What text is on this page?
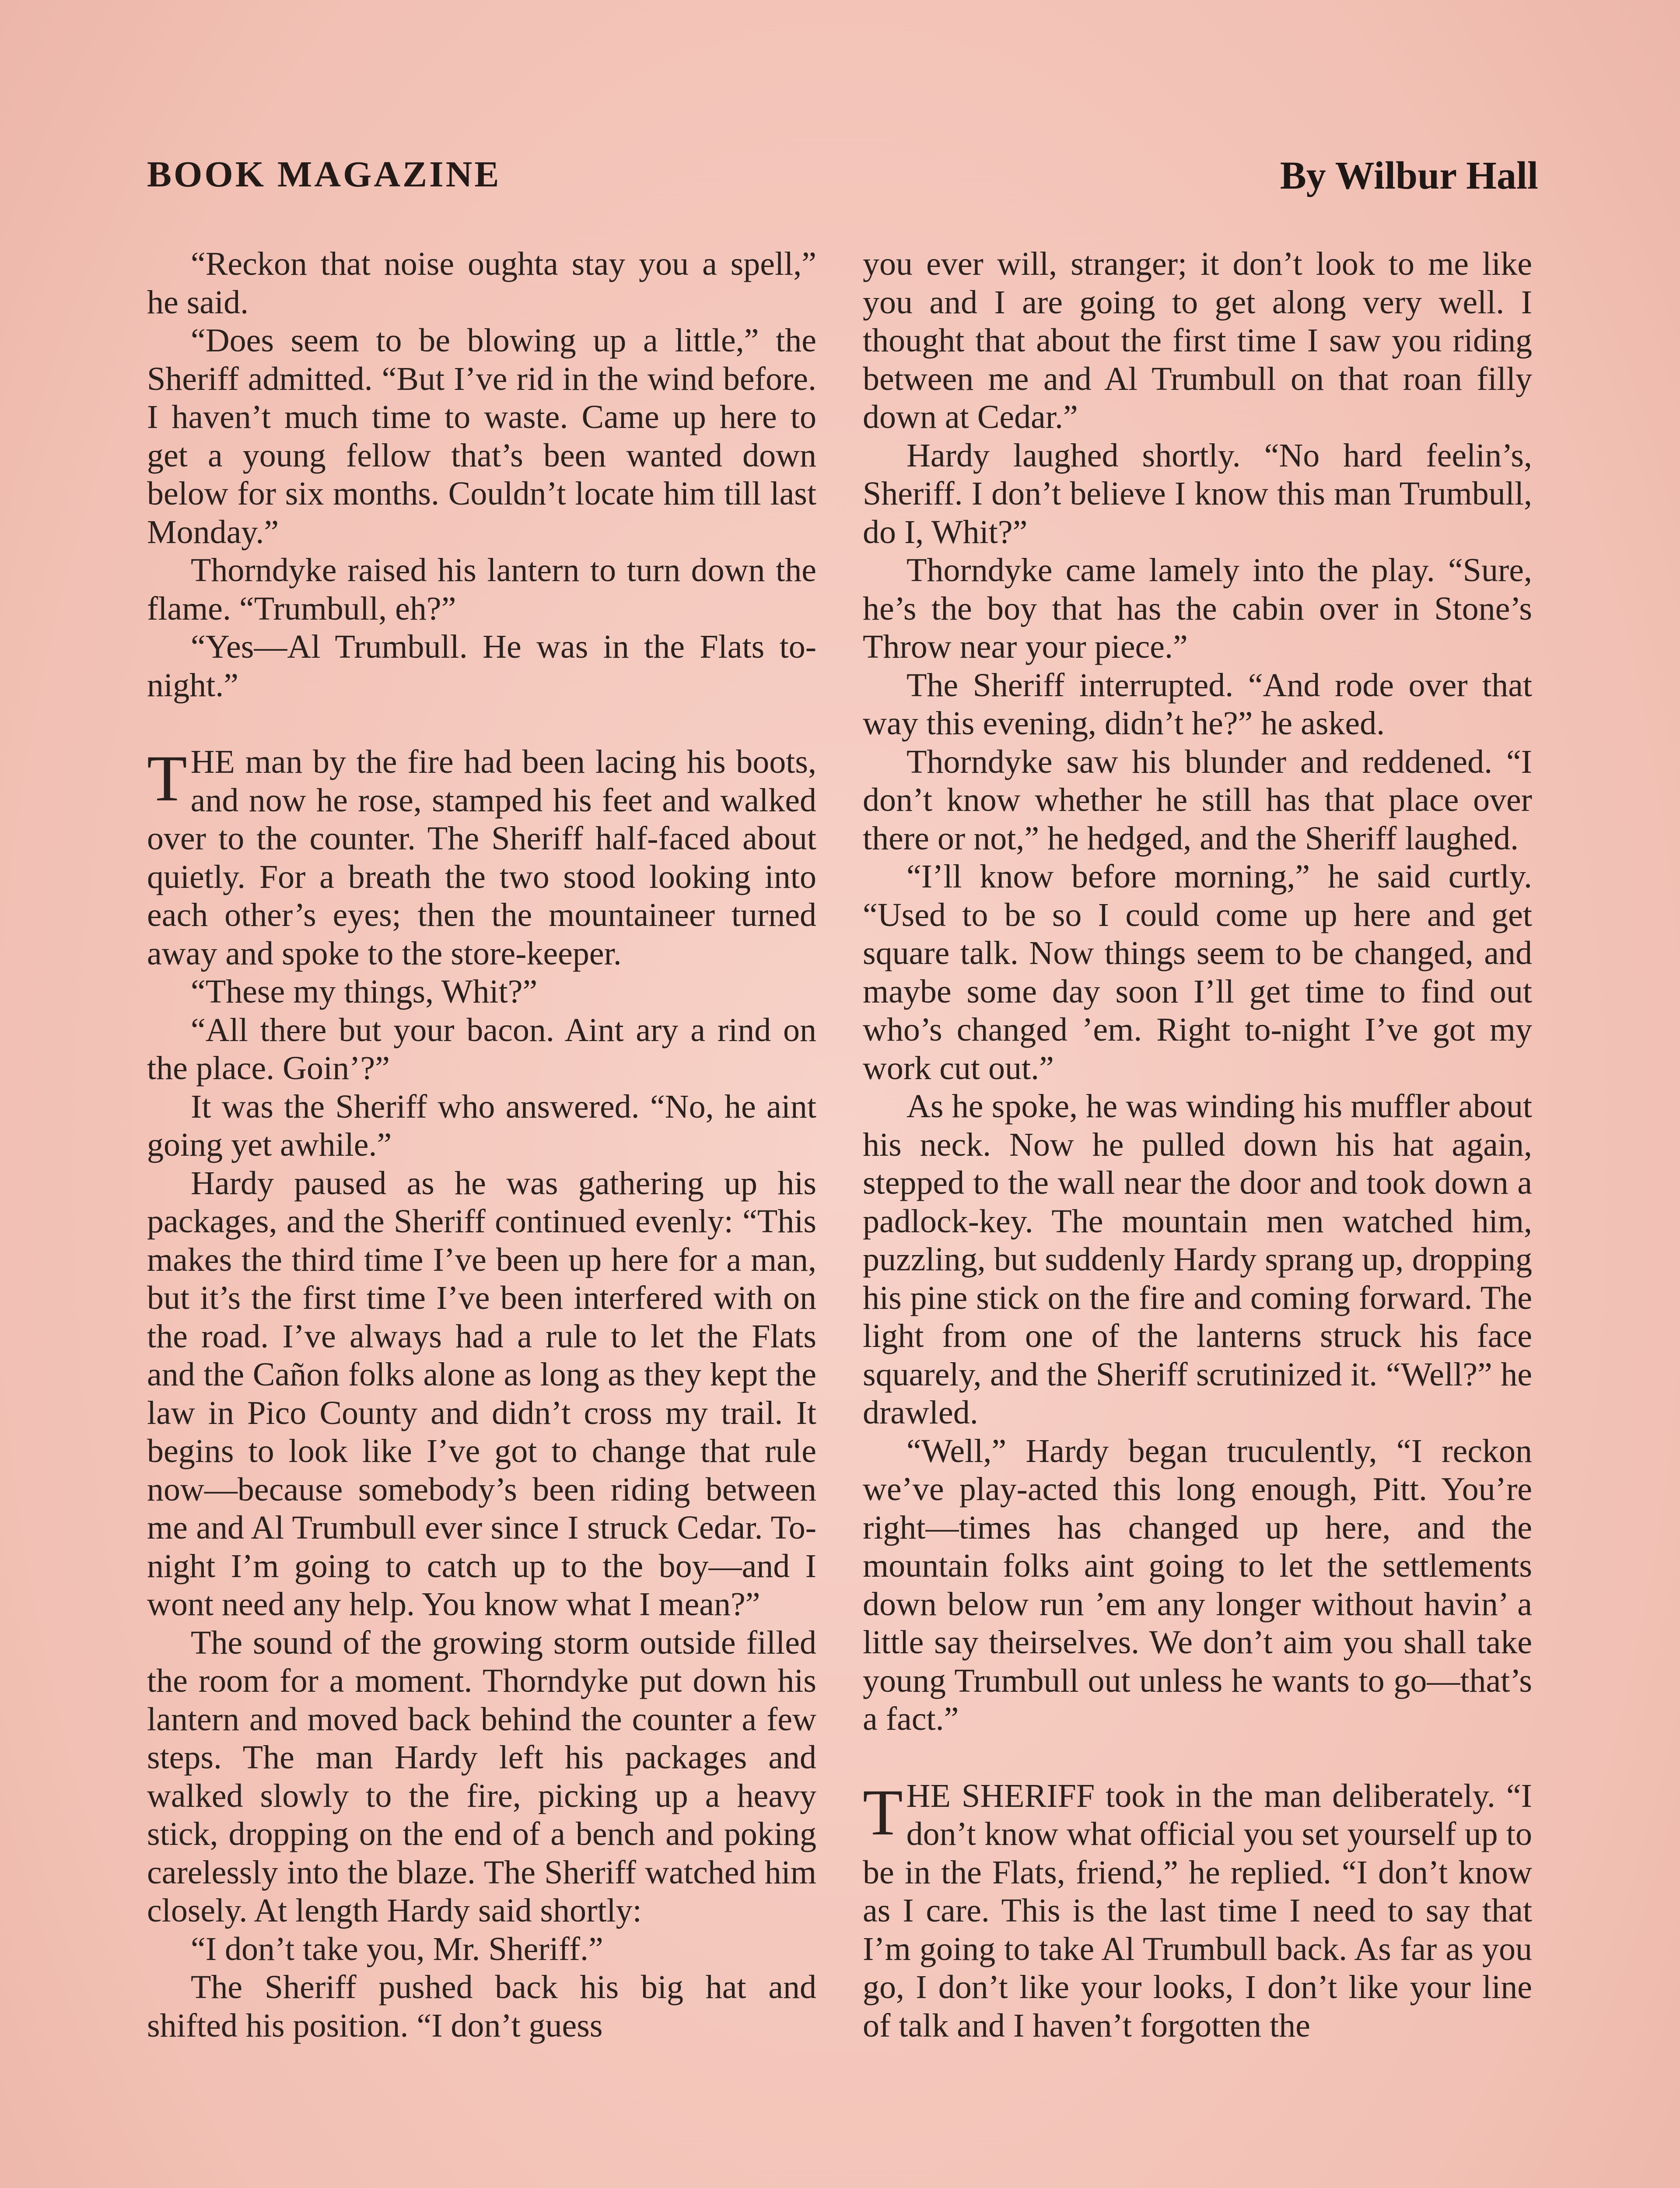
BOOK MAGAZINE	By Wilbur Hall

“Reckon that noise oughta stay you a spell,” he said.

“Does seem to be blowing up a little,” the Sheriff admitted. “But I’ve rid in the wind before. I haven’t much time to waste. Came up here to get a young fellow that’s been wanted down below for six months. Couldn’t locate him till last Monday.”

Thorndyke raised his lantern to turn down the flame. “Trumbull, eh?”

“Yes—Al Trumbull. He was in the Flats to-night.”

THE man by the fire had been lacing his boots, and now he rose, stamped his feet and walked over to the counter. The Sheriff half-faced about quietly. For a breath the two stood looking into each other’s eyes; then the mountaineer turned away and spoke to the store-keeper.

“These my things, Whit?”

“All there but your bacon. Aint ary a rind on the place. Goin’?”

It was the Sheriff who answered. “No, he aint going yet awhile.”

Hardy paused as he was gathering up his packages, and the Sheriff continued evenly: “This makes the third time I’ve been up here for a man, but it’s the first time I’ve been interfered with on the road. I’ve always had a rule to let the Flats and the Cañon folks alone as long as they kept the law in Pico County and didn’t cross my trail. It begins to look like I’ve got to change that rule now—because somebody’s been riding between me and Al Trumbull ever since I struck Cedar. To-night I’m going to catch up to the boy—and I wont need any help. You know what I mean?”

The sound of the growing storm outside filled the room for a moment. Thorndyke put down his lantern and moved back behind the counter a few steps. The man Hardy left his packages and walked slowly to the fire, picking up a heavy stick, dropping on the end of a bench and poking carelessly into the blaze. The Sheriff watched him closely. At length Hardy said shortly:

“I don’t take you, Mr. Sheriff.”

The Sheriff pushed back his big hat and shifted his position. “I don’t guess

you ever will, stranger; it don’t look to me like you and I are going to get along very well. I thought that about the first time I saw you riding between me and Al Trumbull on that roan filly down at Cedar.”

Hardy laughed shortly. “No hard feelin’s, Sheriff. I don’t believe I know this man Trumbull, do I, Whit?”

Thorndyke came lamely into the play. “Sure, he’s the boy that has the cabin over in Stone’s Throw near your piece.”

The Sheriff interrupted. “And rode over that way this evening, didn’t he?” he asked.

Thorndyke saw his blunder and reddened. “I don’t know whether he still has that place over there or not,” he hedged, and the Sheriff laughed.

“I’ll know before morning,” he said curtly. “Used to be so I could come up here and get square talk. Now things seem to be changed, and maybe some day soon I’ll get time to find out who’s changed ’em. Right to-night I’ve got my work cut out.”

As he spoke, he was winding his muffler about his neck. Now he pulled down his hat again, stepped to the wall near the door and took down a padlock-key. The mountain men watched him, puzzling, but suddenly Hardy sprang up, dropping his pine stick on the fire and coming forward. The light from one of the lanterns struck his face squarely, and the Sheriff scrutinized it. “Well?” he drawled.

“Well,” Hardy began truculently, “I reckon we’ve play-acted this long enough, Pitt. You’re right—times has changed up here, and the mountain folks aint going to let the settlements down below run ’em any longer without havin’ a little say theirselves. We don’t aim you shall take young Trumbull out unless he wants to go—that’s a fact.”

THE SHERIFF took in the man deliberately. “I don’t know what official you set yourself up to be in the Flats, friend,” he replied. “I don’t know as I care. This is the last time I need to say that I’m going to take Al Trumbull back. As far as you go, I don’t like your looks, I don’t like your line of talk and I haven’t forgotten the
